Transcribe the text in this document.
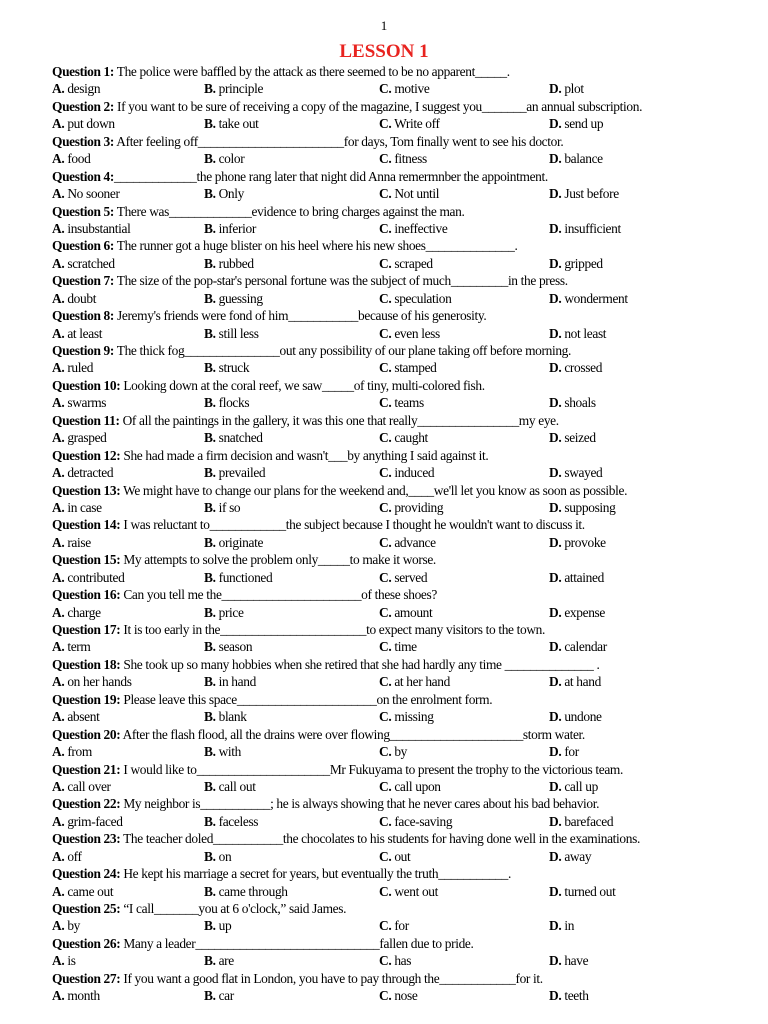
1
LESSON 1
Question 1: The police were baffled by the attack as there seemed to be no apparent_____.
A. design	B. principle	C. motive	D. plot
Question 2: If you want to be sure of receiving a copy of the magazine, I suggest you_______an annual subscription.
A. put down	B. take out	C. Write off	D. send up
Question 3: After feeling off_______________________for days, Tom finally went to see his doctor.
A. food	B. color	C. fitness	D. balance
Question 4:_____________the phone rang later that night did Anna remermnber the appointment.
A. No sooner	B. Only	C. Not until	D. Just before
Question 5: There was_____________evidence to bring charges against the man.
A. insubstantial	B. inferior	C. ineffective	D. insufficient
Question 6: The runner got a huge blister on his heel where his new shoes______________.
A. scratched	B. rubbed	C. scraped	D. gripped
Question 7: The size of the pop-star's personal fortune was the subject of much_________in the press.
A. doubt	B. guessing	C. speculation	D. wonderment
Question 8: Jeremy's friends were fond of him___________because of his generosity.
A. at least	B. still less	C. even less	D. not least
Question 9: The thick fog_______________out any possibility of our plane taking off before morning.
A. ruled	B. struck	C. stamped	D. crossed
Question 10: Looking down at the coral reef, we saw_____of tiny, multi-colored fish.
A. swarms	B. flocks	C. teams	D. shoals
Question 11: Of all the paintings in the gallery, it was this one that really________________my eye.
A. grasped	B. snatched	C. caught	D. seized
Question 12: She had made a firm decision and wasn't___by anything I said against it.
A. detracted	B. prevailed	C. induced	D. swayed
Question 13: We might have to change our plans for the weekend and,____we'll let you know as soon as possible.
A. in case	B. if so	C. providing	D. supposing
Question 14: I was reluctant to____________the subject because I thought he wouldn't want to discuss it.
A. raise	B. originate	C. advance	D. provoke
Question 15: My attempts to solve the problem only_____to make it worse.
A. contributed	B. functioned	C. served	D. attained
Question 16: Can you tell me the______________________of these shoes?
A. charge	B. price	C. amount	D. expense
Question 17: It is too early in the_______________________to expect many visitors to the town.
A. term	B. season	C. time	D. calendar
Question 18: She took up so many hobbies when she retired that she had hardly any time ______________ .
A. on her hands	B. in hand	C. at her hand	D. at hand
Question 19: Please leave this space______________________on the enrolment form.
A. absent	B. blank	C. missing	D. undone
Question 20: After the flash flood, all the drains were over flowing_____________________storm water.
A. from	B. with	C. by	D. for
Question 21: I would like to_____________________Mr Fukuyama to present the trophy to the victorious team.
A. call over	B. call out	C. call upon	D. call up
Question 22: My neighbor is___________; he is always showing that he never cares about his bad behavior.
A. grim-faced	B. faceless	C. face-saving	D. barefaced
Question 23: The teacher doled___________the chocolates to his students for having done well in the examinations.
A. off	B. on	C. out	D. away
Question 24: He kept his marriage a secret for years, but eventually the truth___________.
A. came out	B. came through	C. went out	D. turned out
Question 25: “I call_______you at 6 o'clock,” said James.
A. by	B. up	C. for	D. in
Question 26: Many a leader_____________________________fallen due to pride.
A. is	B. are	C. has	D. have
Question 27: If you want a good flat in London, you have to pay through the____________for it.
A. month	B. car	C. nose	D. teeth
